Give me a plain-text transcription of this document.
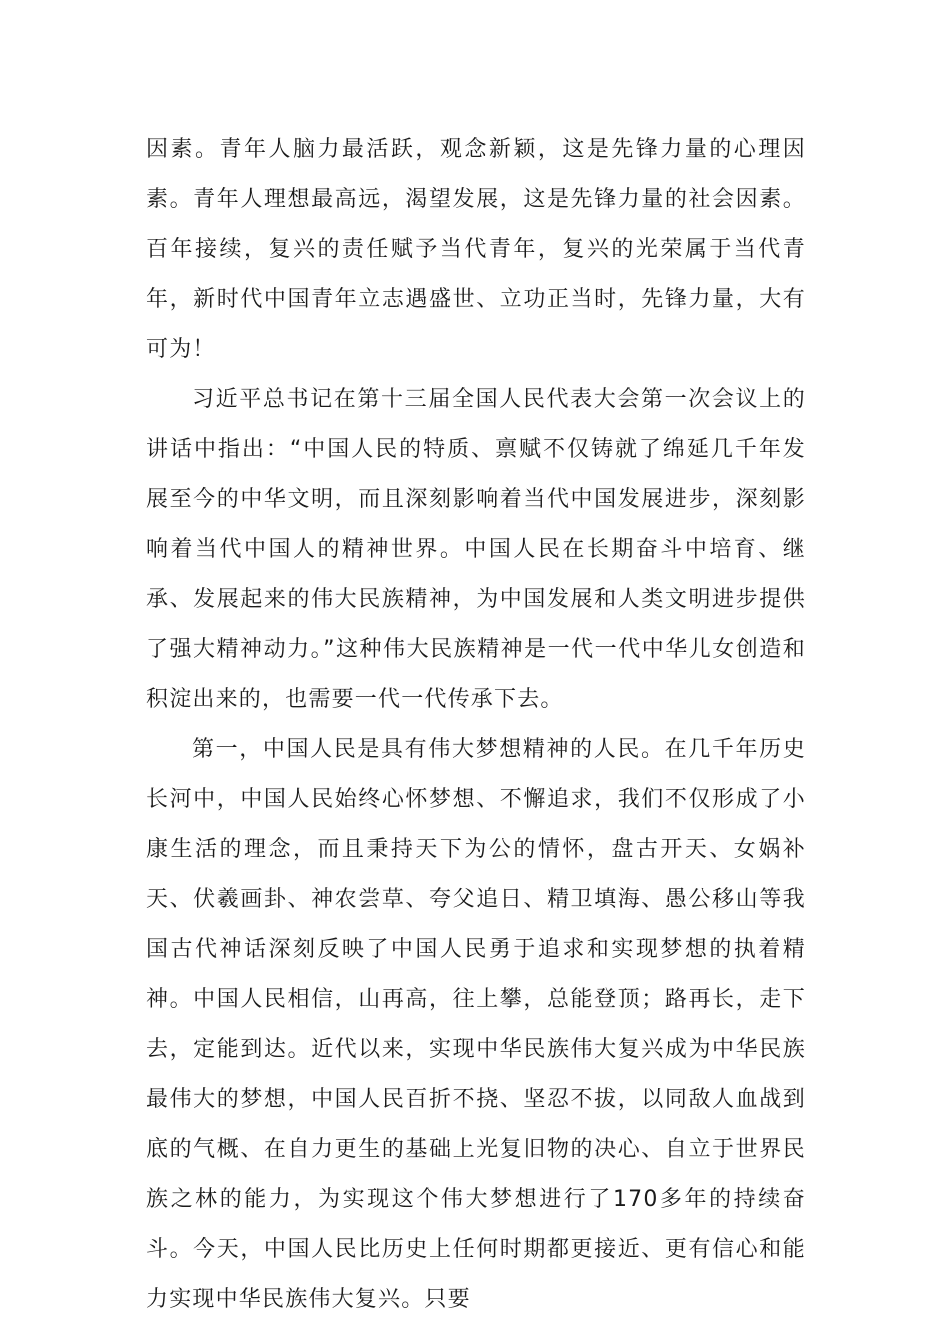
因素。青年人脑力最活跃，观念新颖，这是先锋力量的心理因素。青年人理想最高远，渴望发展，这是先锋力量的社会因素。百年接续，复兴的责任赋予当代青年，复兴的光荣属于当代青年，新时代中国青年立志遇盛世、立功正当时，先锋力量，大有可为！

习近平总书记在第十三届全国人民代表大会第一次会议上的讲话中指出：“中国人民的特质、禀赋不仅铸就了绵延几千年发展至今的中华文明，而且深刻影响着当代中国发展进步，深刻影响着当代中国人的精神世界。中国人民在长期奋斗中培育、继承、发展起来的伟大民族精神，为中国发展和人类文明进步提供了强大精神动力。”这种伟大民族精神是一代一代中华儿女创造和积淀出来的，也需要一代一代传承下去。

第一，中国人民是具有伟大梦想精神的人民。在几千年历史长河中，中国人民始终心怀梦想、不懈追求，我们不仅形成了小康生活的理念，而且秉持天下为公的情怀，盘古开天、女娲补天、伏羲画卦、神农尝草、夸父追日、精卫填海、愚公移山等我国古代神话深刻反映了中国人民勇于追求和实现梦想的执着精神。中国人民相信，山再高，往上攀，总能登顶；路再长，走下去，定能到达。近代以来，实现中华民族伟大复兴成为中华民族最伟大的梦想，中国人民百折不挠、坚忍不拔，以同敌人血战到底的气概、在自力更生的基础上光复旧物的决心、自立于世界民族之林的能力，为实现这个伟大梦想进行了170多年的持续奋斗。今天，中国人民比历史上任何时期都更接近、更有信心和能力实现中华民族伟大复兴。只要
